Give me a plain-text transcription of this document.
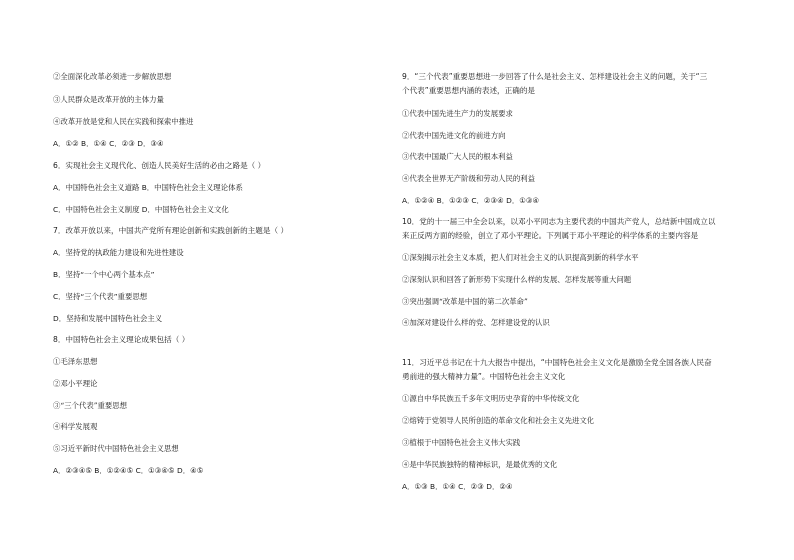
②全面深化改革必须进一步解放思想
③人民群众是改革开放的主体力量
④改革开放是党和人民在实践和探索中推进
A．①② B．①④ C．②③ D．③④
6．实现社会主义现代化、创造人民美好生活的必由之路是（ ）
A．中国特色社会主义道路 B．中国特色社会主义理论体系
C．中国特色社会主义制度 D．中国特色社会主义文化
7．改革开放以来，中国共产党所有理论创新和实践创新的主题是（ ）
A．坚持党的执政能力建设和先进性建设
B．坚持“一个中心两个基本点”
C．坚持“三个代表”重要思想
D．坚持和发展中国特色社会主义
8．中国特色社会主义理论成果包括（ ）
①毛泽东思想
②邓小平理论
③“三个代表”重要思想
④科学发展观
⑤习近平新时代中国特色社会主义思想
A．②③④⑤ B．①②④⑤ C．①③④⑤ D．④⑤
9．“三个代表”重要思想进一步回答了什么是社会主义、怎样建设社会主义的问题，关于“三
个代表”重要思想内涵的表述，正确的是
①代表中国先进生产力的发展要求
②代表中国先进文化的前进方向
③代表中国最广大人民的根本利益
④代表全世界无产阶级和劳动人民的利益
A．①②④ B．①②③ C．②③④ D．①③④
10．党的十一届三中全会以来，以邓小平同志为主要代表的中国共产党人，总结新中国成立以
来正反两方面的经验，创立了邓小平理论。下列属于邓小平理论的科学体系的主要内容是
①深刻揭示社会主义本质，把人们对社会主义的认识提高到新的科学水平
②深刻认识和回答了新形势下实现什么样的发展、怎样发展等重大问题
③突出强调“改革是中国的第二次革命”
④加深对建设什么样的党、怎样建设党的认识
11．习近平总书记在十九大报告中提出，“中国特色社会主义文化是激励全党全国各族人民奋
勇前进的强大精神力量”。中国特色社会主义文化
①源自中华民族五千多年文明历史孕育的中华传统文化
②熔铸于党领导人民所创造的革命文化和社会主义先进文化
③植根于中国特色社会主义伟大实践
④是中华民族独特的精神标识，是最优秀的文化
A．①③ B．①④ C．②③ D．②④
